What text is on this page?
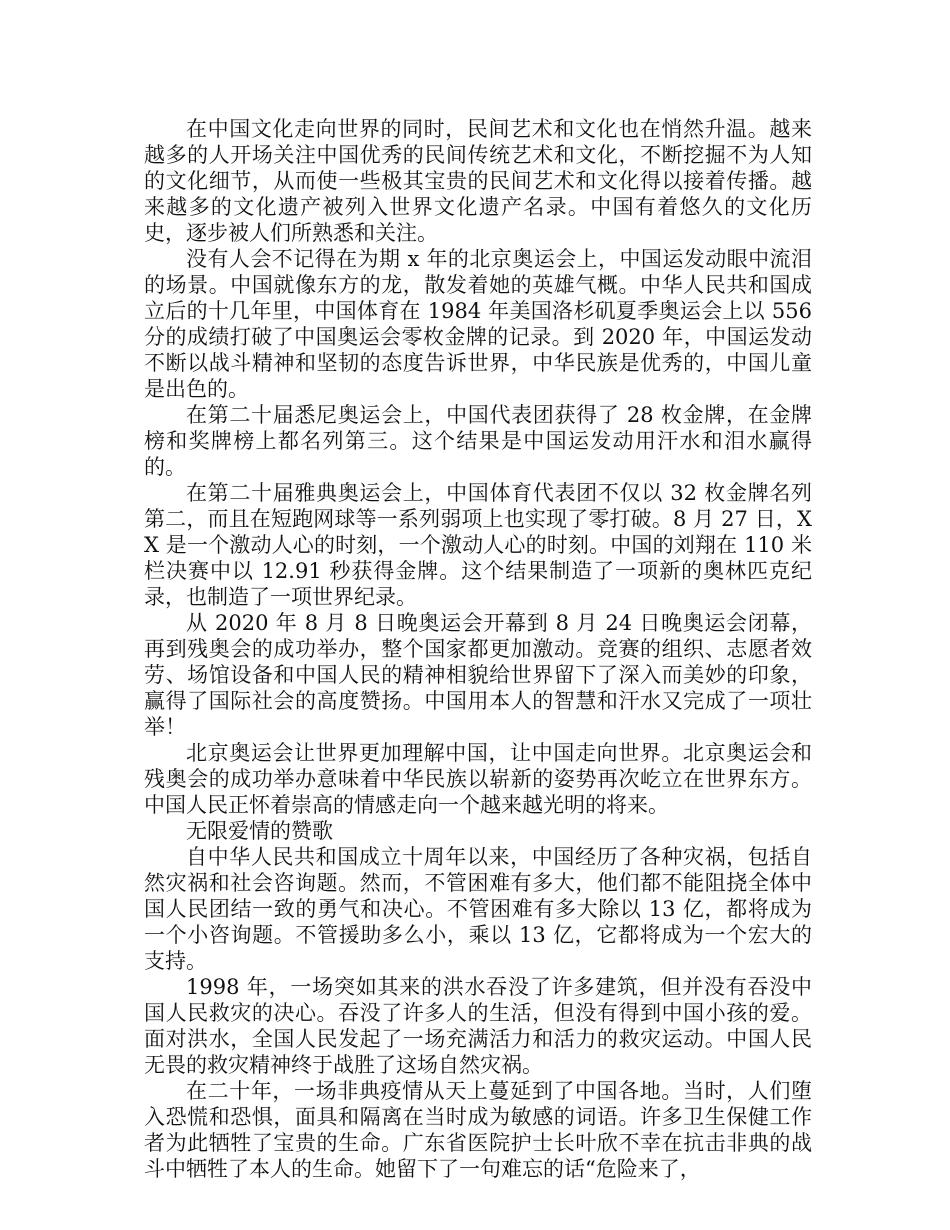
在中国文化走向世界的同时，民间艺术和文化也在悄然升温。越来越多的人开场关注中国优秀的民间传统艺术和文化，不断挖掘不为人知的文化细节，从而使一些极其宝贵的民间艺术和文化得以接着传播。越来越多的文化遗产被列入世界文化遗产名录。中国有着悠久的文化历史，逐步被人们所熟悉和关注。

没有人会不记得在为期 x 年的北京奥运会上，中国运发动眼中流泪的场景。中国就像东方的龙，散发着她的英雄气概。中华人民共和国成立后的十几年里，中国体育在 1984 年美国洛杉矶夏季奥运会上以 556 分的成绩打破了中国奥运会零枚金牌的记录。到 2020 年，中国运发动不断以战斗精神和坚韧的态度告诉世界，中华民族是优秀的，中国儿童是出色的。

在第二十届悉尼奥运会上，中国代表团获得了 28 枚金牌，在金牌榜和奖牌榜上都名列第三。这个结果是中国运发动用汗水和泪水赢得的。

在第二十届雅典奥运会上，中国体育代表团不仅以 32 枚金牌名列第二，而且在短跑网球等一系列弱项上也实现了零打破。8 月 27 日，XX 是一个激动人心的时刻，一个激动人心的时刻。中国的刘翔在 110 米栏决赛中以 12.91 秒获得金牌。这个结果制造了一项新的奥林匹克纪录，也制造了一项世界纪录。

从 2020 年 8 月 8 日晚奥运会开幕到 8 月 24 日晚奥运会闭幕，再到残奥会的成功举办，整个国家都更加激动。竞赛的组织、志愿者效劳、场馆设备和中国人民的精神相貌给世界留下了深入而美妙的印象，赢得了国际社会的高度赞扬。中国用本人的智慧和汗水又完成了一项壮举！

北京奥运会让世界更加理解中国，让中国走向世界。北京奥运会和残奥会的成功举办意味着中华民族以崭新的姿势再次屹立在世界东方。中国人民正怀着崇高的情感走向一个越来越光明的将来。

无限爱情的赞歌

自中华人民共和国成立十周年以来，中国经历了各种灾祸，包括自然灾祸和社会咨询题。然而，不管困难有多大，他们都不能阻挠全体中国人民团结一致的勇气和决心。不管困难有多大除以 13 亿，都将成为一个小咨询题。不管援助多么小，乘以 13 亿，它都将成为一个宏大的支持。

1998 年，一场突如其来的洪水吞没了许多建筑，但并没有吞没中国人民救灾的决心。吞没了许多人的生活，但没有得到中国小孩的爱。面对洪水，全国人民发起了一场充满活力和活力的救灾运动。中国人民无畏的救灾精神终于战胜了这场自然灾祸。

在二十年，一场非典疫情从天上蔓延到了中国各地。当时，人们堕入恐慌和恐惧，面具和隔离在当时成为敏感的词语。许多卫生保健工作者为此牺牲了宝贵的生命。广东省医院护士长叶欣不幸在抗击非典的战斗中牺牲了本人的生命。她留下了一句难忘的话“危险来了，
